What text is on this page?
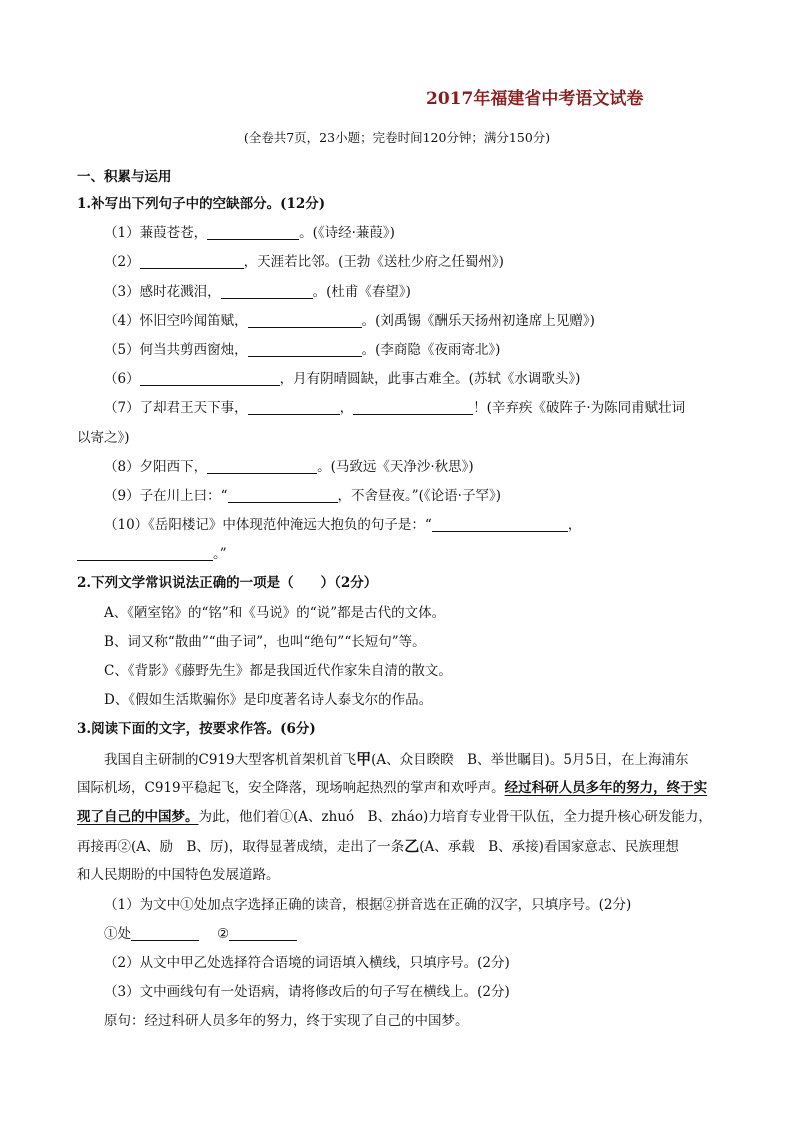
2017年福建省中考语文试卷
(全卷共7页，23小题；完卷时间120分钟；满分150分)
一、积累与运用
1.补写出下列句子中的空缺部分。(12分)
（1）蒹葭苍苍，	。(《诗经·蒹葭》)
（2）	，天涯若比邻。(王勃《送杜少府之任蜀州》)
（3）感时花溅泪，	。(杜甫《春望》)
（4）怀旧空吟闻笛赋，	。(刘禹锡《酬乐天扬州初逢席上见赠》)
（5）何当共剪西窗烛，	。(李商隐《夜雨寄北》)
（6）	，月有阴晴圆缺，此事古难全。(苏轼《水调歌头》)
（7）了却君王天下事，	，	！(辛弃疾《破阵子·为陈同甫赋壮词
以寄之》)
（8）夕阳西下，	。(马致远《天净沙·秋思》)
（9）子在川上曰：“	，不舍昼夜。”(《论语·子罕》)
（10）《岳阳楼记》中体现范仲淹远大抱负的句子是：“	，
。”
2.下列文学常识说法正确的一项是（　　）（2分）
A、《陋室铭》的“铭”和《马说》的“说”都是古代的文体。
B、词又称“散曲”“曲子词”，也叫“绝句”“长短句”等。
C、《背影》《藤野先生》都是我国近代作家朱自清的散文。
D、《假如生活欺骗你》是印度著名诗人泰戈尔的作品。
3.阅读下面的文字，按要求作答。(6分)
我国自主研制的C919大型客机首架机首飞甲(A、众目睽睽　B、举世瞩目)。5月5日，在上海浦东
国际机场，C919平稳起飞，安全降落，现场响起热烈的掌声和欢呼声。经过科研人员多年的努力，终于实
现了自己的中国梦。为此，他们着①(A、zhuó　B、zháo)力培育专业骨干队伍，全力提升核心研发能力，
再接再②(A、励　B、厉)，取得显著成绩，走出了一条乙(A、承载　B、承接)看国家意志、民族理想
和人民期盼的中国特色发展道路。
（1）为文中①处加点字选择正确的读音，根据②拼音选在正确的汉字，只填序号。(2分)
①处	②
（2）从文中甲乙处选择符合语境的词语填入横线，只填序号。(2分)
（3）文中画线句有一处语病，请将修改后的句子写在横线上。(2分)
原句：经过科研人员多年的努力，终于实现了自己的中国梦。
